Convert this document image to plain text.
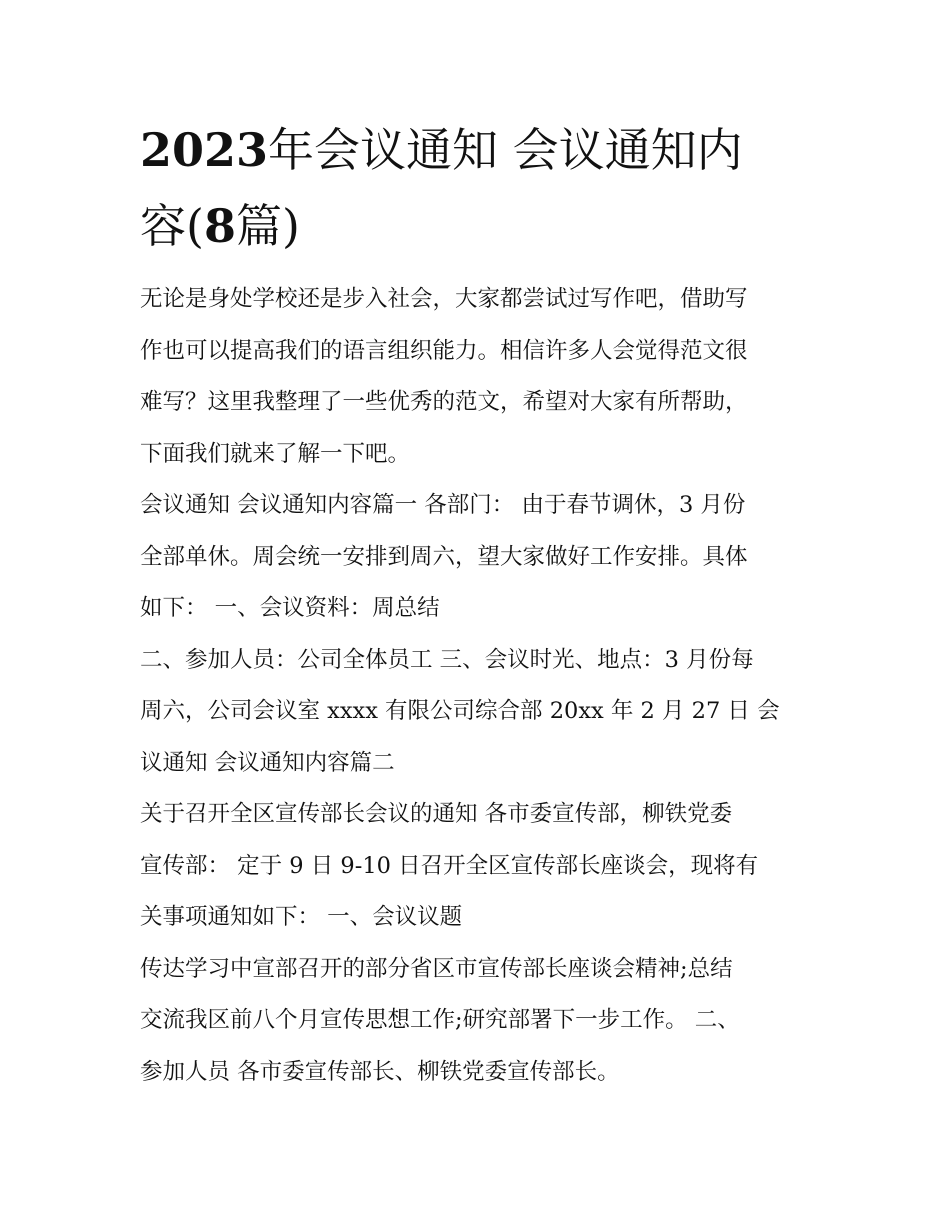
2023年会议通知 会议通知内
容(8篇)

无论是身处学校还是步入社会，大家都尝试过写作吧，借助写
作也可以提高我们的语言组织能力。相信许多人会觉得范文很
难写？这里我整理了一些优秀的范文，希望对大家有所帮助，
下面我们就来了解一下吧。

会议通知 会议通知内容篇一 各部门： 由于春节调休，3 月份
全部单休。周会统一安排到周六，望大家做好工作安排。具体
如下： 一、会议资料：周总结

二、参加人员：公司全体员工 三、会议时光、地点：3 月份每
周六，公司会议室 xxxx 有限公司综合部 20xx 年 2 月 27 日 会
议通知 会议通知内容篇二

关于召开全区宣传部长会议的通知 各市委宣传部，柳铁党委
宣传部： 定于 9 日 9-10 日召开全区宣传部长座谈会，现将有
关事项通知如下： 一、会议议题

传达学习中宣部召开的部分省区市宣传部长座谈会精神;总结
交流我区前八个月宣传思想工作;研究部署下一步工作。 二、
参加人员 各市委宣传部长、柳铁党委宣传部长。
